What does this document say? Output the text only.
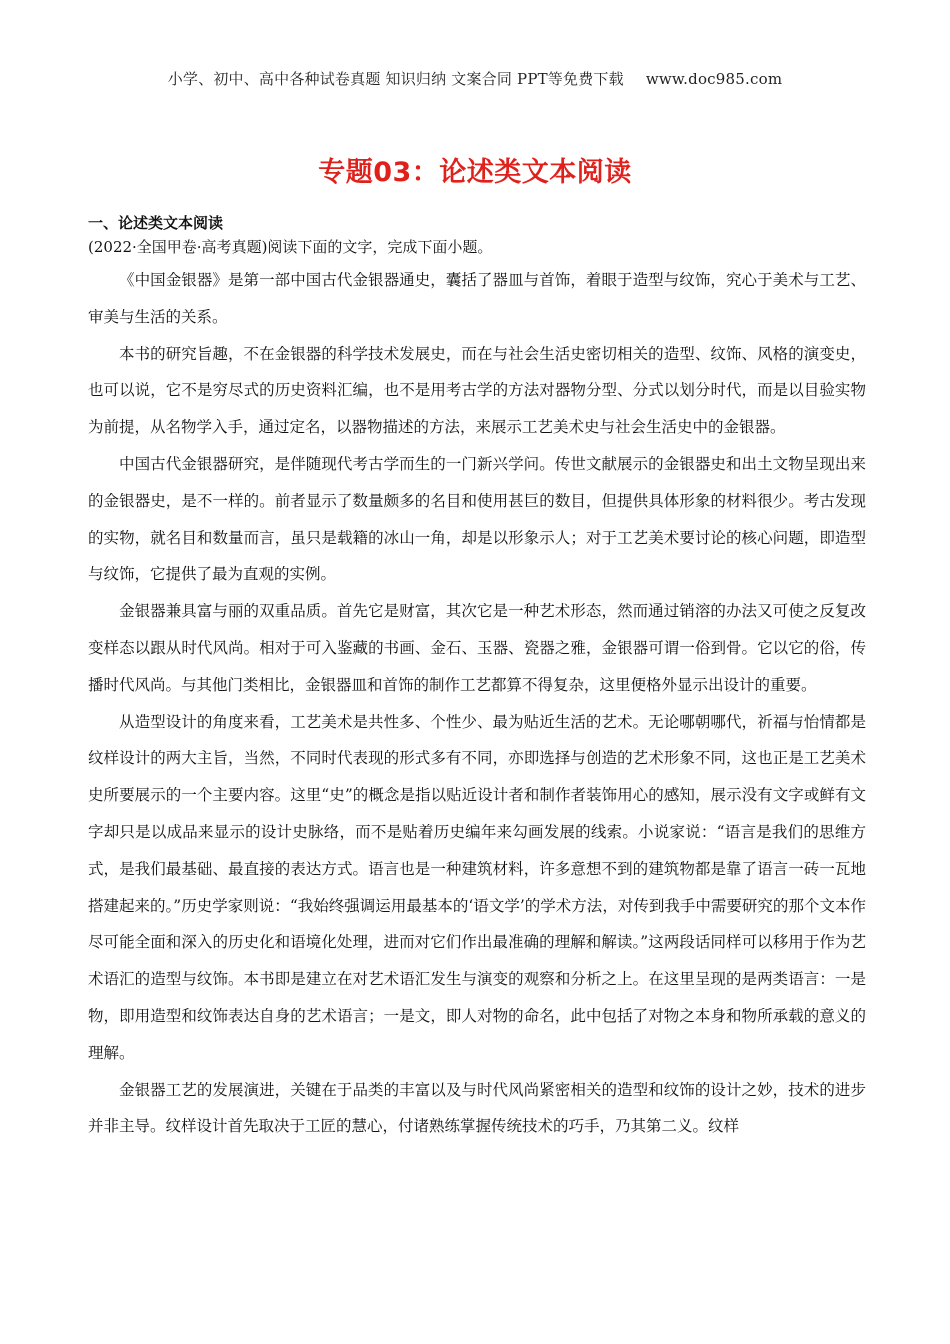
小学、初中、高中各种试卷真题 知识归纳 文案合同 PPT等免费下载 www.doc985.com
专题03：论述类文本阅读
一、论述类文本阅读
(2022·全国甲卷·高考真题)阅读下面的文字，完成下面小题。

《中国金银器》是第一部中国古代金银器通史，囊括了器皿与首饰，着眼于造型与纹饰，究心于美术与工艺、审美与生活的关系。

本书的研究旨趣，不在金银器的科学技术发展史，而在与社会生活史密切相关的造型、纹饰、风格的演变史，也可以说，它不是穷尽式的历史资料汇编，也不是用考古学的方法对器物分型、分式以划分时代，而是以目验实物为前提，从名物学入手，通过定名，以器物描述的方法，来展示工艺美术史与社会生活史中的金银器。

中国古代金银器研究，是伴随现代考古学而生的一门新兴学问。传世文献展示的金银器史和出土文物呈现出来的金银器史，是不一样的。前者显示了数量颇多的名目和使用甚巨的数目，但提供具体形象的材料很少。考古发现的实物，就名目和数量而言，虽只是载籍的冰山一角，却是以形象示人；对于工艺美术要讨论的核心问题，即造型与纹饰，它提供了最为直观的实例。

金银器兼具富与丽的双重品质。首先它是财富，其次它是一种艺术形态，然而通过销溶的办法又可使之反复改变样态以跟从时代风尚。相对于可入鉴藏的书画、金石、玉器、瓷器之雅，金银器可谓一俗到骨。它以它的俗，传播时代风尚。与其他门类相比，金银器皿和首饰的制作工艺都算不得复杂，这里便格外显示出设计的重要。

从造型设计的角度来看，工艺美术是共性多、个性少、最为贴近生活的艺术。无论哪朝哪代，祈福与怡情都是纹样设计的两大主旨，当然，不同时代表现的形式多有不同，亦即选择与创造的艺术形象不同，这也正是工艺美术史所要展示的一个主要内容。这里“史”的概念是指以贴近设计者和制作者装饰用心的感知，展示没有文字或鲜有文字却只是以成品来显示的设计史脉络，而不是贴着历史编年来勾画发展的线索。小说家说：“语言是我们的思维方式，是我们最基础、最直接的表达方式。语言也是一种建筑材料，许多意想不到的建筑物都是靠了语言一砖一瓦地搭建起来的。”历史学家则说：“我始终强调运用最基本的‘语文学’的学术方法，对传到我手中需要研究的那个文本作尽可能全面和深入的历史化和语境化处理，进而对它们作出最准确的理解和解读。”这两段话同样可以移用于作为艺术语汇的造型与纹饰。本书即是建立在对艺术语汇发生与演变的观察和分析之上。在这里呈现的是两类语言：一是物，即用造型和纹饰表达自身的艺术语言；一是文，即人对物的命名，此中包括了对物之本身和物所承载的意义的理解。

金银器工艺的发展演进，关键在于品类的丰富以及与时代风尚紧密相关的造型和纹饰的设计之妙，技术的进步并非主导。纹样设计首先取决于工匠的慧心，付诸熟练掌握传统技术的巧手，乃其第二义。纹样
